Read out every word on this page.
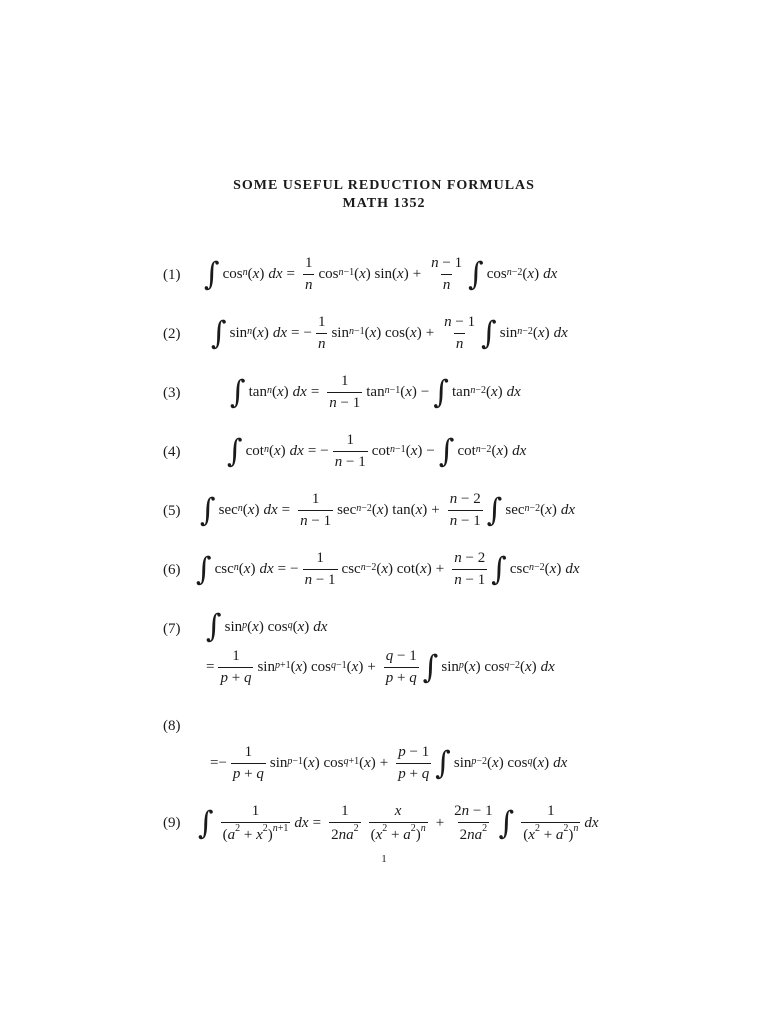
SOME USEFUL REDUCTION FORMULAS
MATH 1352
(1) ∫ $\cos^n$ ( x ) dx = $\frac{1}{n}$ cos $^{n-1}$ ( x ) sin( x ) + $\frac{n - 1}{n}$ ∫ cos $^{n-2}$ ( x ) dx
(2) ∫ $\sin^n$ ( x ) dx = − $\frac{1}{n}$ sin $^{n-1}$ ( x ) cos( x ) + $\frac{n - 1}{n}$ ∫ sin $^{n-2}$ ( x ) dx
(3) ∫ $\tan^n$ ( x ) dx = $\frac{1}{n - 1}$ tan $^{n-1}$ ( x ) − ∫ tan $^{n-2}$ ( x ) dx
(4) ∫ $\cot^n$ ( x ) dx = − $\frac{1}{n - 1}$ cot $^{n-1}$ ( x ) − ∫ cot $^{n-2}$ ( x ) dx
(5) ∫ $\sec^n$ ( x ) dx = $\frac{1}{n - 1}$ sec $^{n-2}$ ( x ) tan( x ) + $\frac{n - 2}{n - 1}$ ∫ sec $^{n-2}$ ( x ) dx
(6) ∫ $\csc^n$ ( x ) dx = − $\frac{1}{n - 1}$ csc $^{n-2}$ ( x ) cot( x ) + $\frac{n - 2}{n - 1}$ ∫ csc $^{n-2}$ ( x ) dx
(7) ∫ $\sin^p$ ( x ) $\cos^q$ ( x ) dx
= $\frac{1}{p + q}$ sin $^{p+1}$ ( x ) cos $^{q-1}$ ( x ) + $\frac{q - 1}{p + q}$ ∫ $\sin^p$ ( x ) cos $^{q-2}$ ( x ) dx
(8)
=− $\frac{1}{p + q}$ sin $^{p-1}$ ( x ) cos $^{q+1}$ ( x ) + $\frac{p - 1}{p + q}$ ∫ sin $^{p-2}$ ( x ) $\cos^q$ ( x ) dx
(9) ∫ $\frac{1}{(a^2 + x^2)^{n+1}}$ dx = $\frac{1}{2na^2} \frac{x}{(x^2 + a^2)^n} + \frac{2n - 1}{2na^2}$ ∫ $\frac{1}{(x^2 + a^2)^n}$ dx
1
